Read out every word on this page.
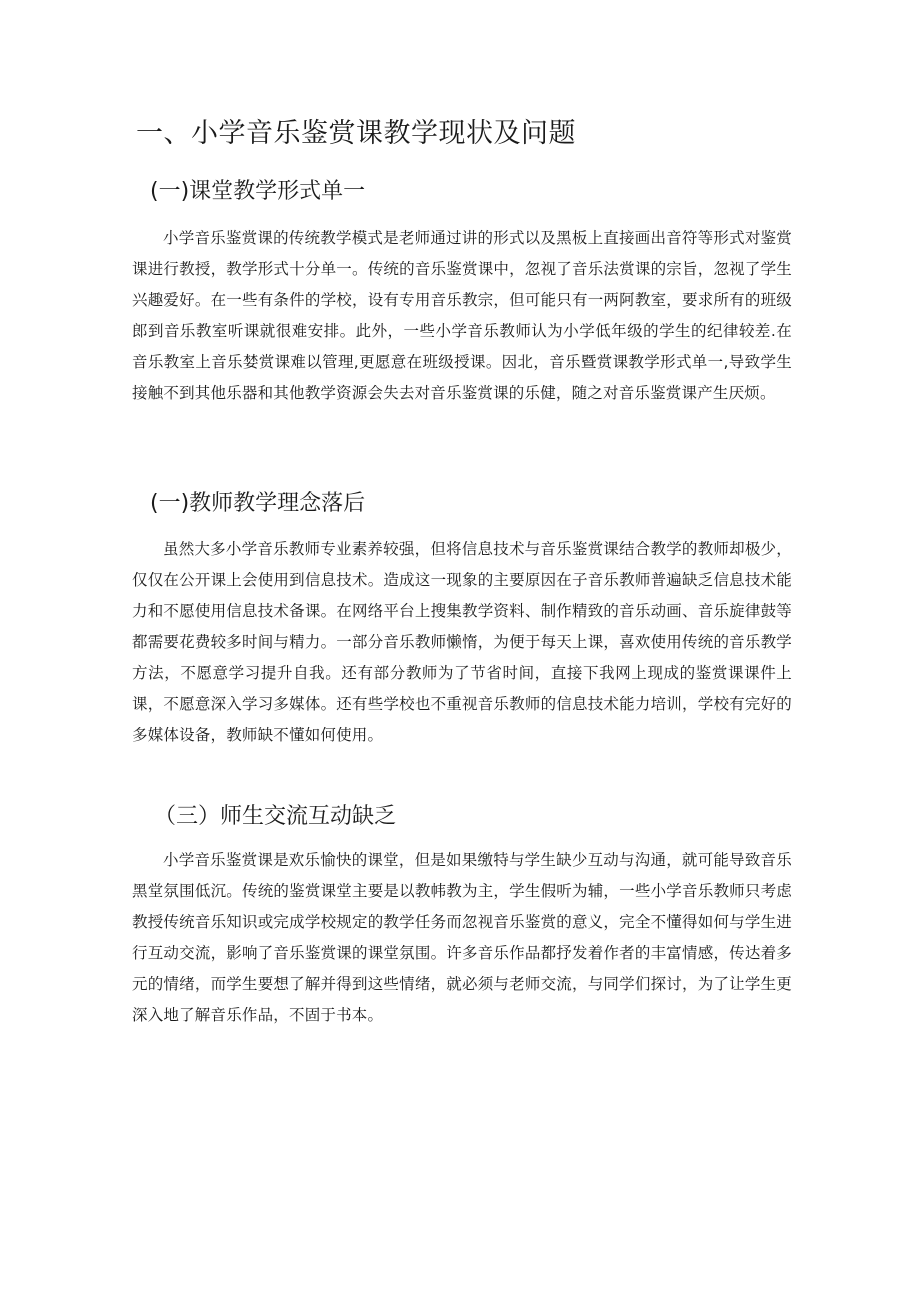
一、小学音乐鉴赏课教学现状及问题
(一)课堂教学形式单一
小学音乐鉴赏课的传统教学模式是老师通过讲的形式以及黑板上直接画出音符等形式对鉴赏课进行教授，教学形式十分单一。传统的音乐鉴赏课中，忽视了音乐法赏课的宗旨，忽视了学生兴趣爱好。在一些有条件的学校，设有专用音乐教宗，但可能只有一两阿教室，要求所有的班级郎到音乐教室听课就很难安排。此外，一些小学音乐教师认为小学低年级的学生的纪律较差.在音乐教室上音乐婪赏课难以管理,更愿意在班级授课。因北，音乐暨赏课教学形式单一,导致学生接触不到其他乐器和其他教学资源会失去对音乐鉴赏课的乐健，随之对音乐鉴赏课产生厌烦。
(一)教师教学理念落后
虽然大多小学音乐教师专业素养较强，但将信息技术与音乐鉴赏课结合教学的教师却极少，仅仅在公开课上会使用到信息技术。造成这一现象的主要原因在子音乐教师普遍缺乏信息技术能力和不愿使用信息技术备课。在网络平台上搜集教学资料、制作精致的音乐动画、音乐旋律鼓等都需要花费较多时间与精力。一部分音乐教师懒惰，为便于每天上课，喜欢使用传统的音乐教学方法，不愿意学习提升自我。还有部分教师为了节省时间，直接下我网上现成的鉴赏课课件上课，不愿意深入学习多媒体。还有些学校也不重视音乐教师的信息技术能力培训，学校有完好的多媒体设备，教师缺不懂如何使用。
（三）师生交流互动缺乏
小学音乐鉴赏课是欢乐愉快的课堂，但是如果缴特与学生缺少互动与沟通，就可能导致音乐黑堂氛围低沉。传统的鉴赏课堂主要是以教帏教为主，学生假听为辅，一些小学音乐教师只考虑教授传统音乐知识或完成学校规定的教学任务而忽视音乐鉴赏的意义，完全不懂得如何与学生进行互动交流，影响了音乐鉴赏课的课堂氛围。许多音乐作品都抒发着作者的丰富情感，传达着多元的情绪，而学生要想了解并得到这些情绪，就必须与老师交流，与同学们探讨，为了让学生更深入地了解音乐作品，不固于书本。
